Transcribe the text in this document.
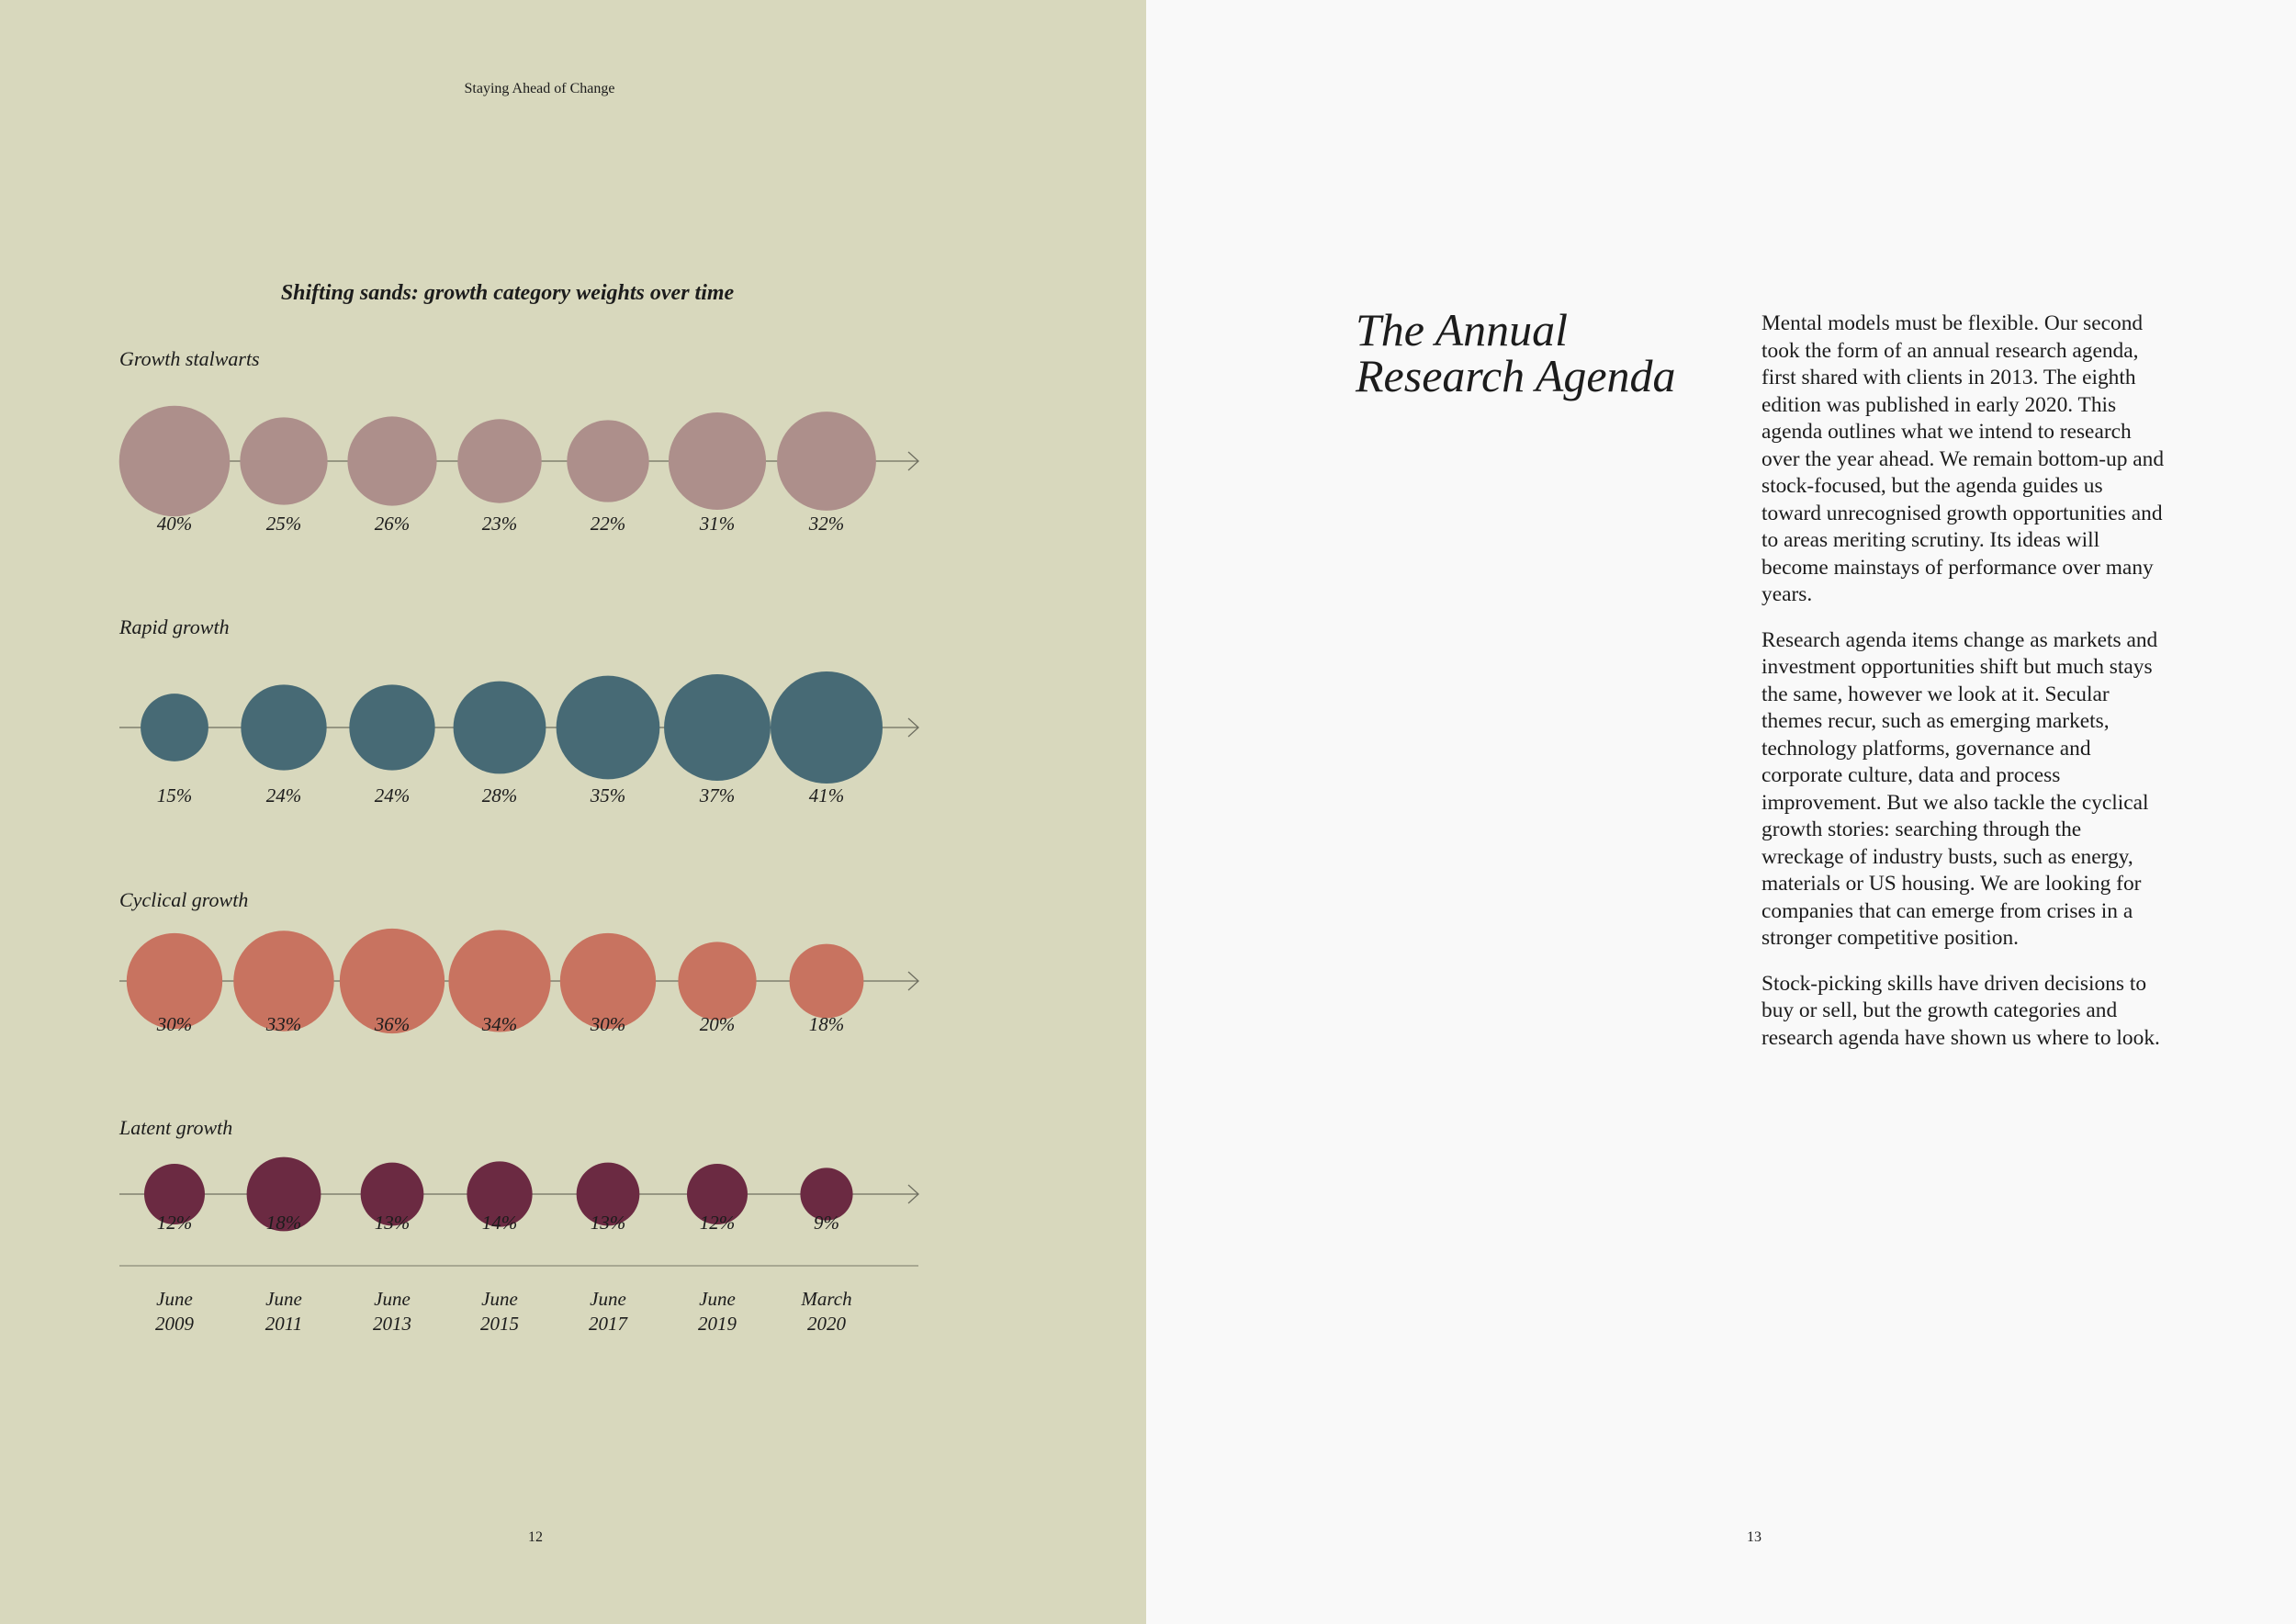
Staying Ahead of Change
Shifting sands: growth category weights over time
Growth stalwarts
40%	25%	26%	23%	22%	31%	32%
Rapid growth
15%	24%	24%	28%	35%	37%	41%
Cyclical growth
30%	33%	36%	34%	30%	20%	18%
Latent growth
12%	18%	13%	14%	13%	12%	9%
June
2009
June
2011
June
2013
June
2015
June
2017
June
2019
March
2020
12
The Annual
Research Agenda

Mental models must be flexible. Our second took the form of an annual research agenda, first shared with clients in 2013. The eighth edition was published in early 2020. This agenda outlines what we intend to research over the year ahead. We remain bottom-up and stock-focused, but the agenda guides us toward unrecognised growth opportunities and to areas meriting scrutiny. Its ideas will become mainstays of performance over many years.

Research agenda items change as markets and investment opportunities shift but much stays the same, however we look at it. Secular themes recur, such as emerging markets, technology platforms, governance and corporate culture, data and process improvement. But we also tackle the cyclical growth stories: searching through the wreckage of industry busts, such as energy, materials or US housing. We are looking for companies that can emerge from crises in a stronger competitive position.

Stock-picking skills have driven decisions to buy or sell, but the growth categories and research agenda have shown us where to look.

13
